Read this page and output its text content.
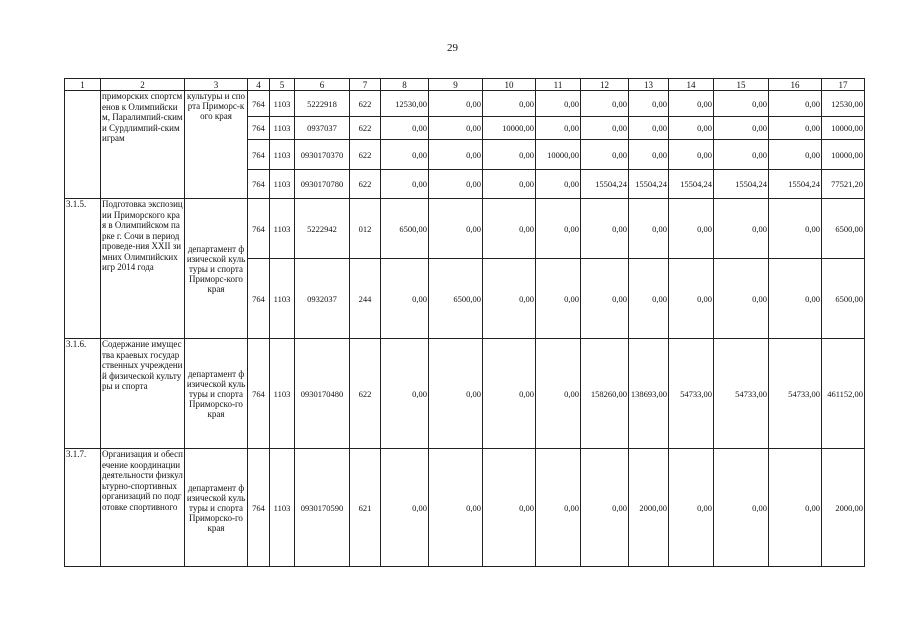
29
1	2	3	4	5	6	7	8	9	10	11	12	13	14	15	16	17
	приморских спортсменов к Олимпийским, Паралимпий-ским и Сурдлимпий-ским играм	культуры и спорта Приморс-кого края	764	1103	5222918	622	12530,00	0,00	0,00	0,00	0,00	0,00	0,00	0,00	0,00	12530,00
			764	1103	0937037	622	0,00	0,00	10000,00	0,00	0,00	0,00	0,00	0,00	0,00	10000,00
			764	1103	0930170370	622	0,00	0,00	0,00	10000,00	0,00	0,00	0,00	0,00	0,00	10000,00
			764	1103	0930170780	622	0,00	0,00	0,00	0,00	15504,24	15504,24	15504,24	15504,24	15504,24	77521,20
3.1.5.	Подготовка экспозиции Приморского края в Олимпийском парке г. Сочи в период проведе-ния XXII зимних Олимпийских игр 2014 года	департамент физической культуры и спорта Приморс-кого края	764	1103	5222942	012	6500,00	0,00	0,00	0,00	0,00	0,00	0,00	0,00	0,00	6500,00
			764	1103	0932037	244	0,00	6500,00	0,00	0,00	0,00	0,00	0,00	0,00	0,00	6500,00
3.1.6.	Содержание имущества краевых государственных учреждений физической культуры и спорта	департамент физической культуры и спорта Приморско-го края	764	1103	0930170480	622	0,00	0,00	0,00	0,00	158260,00	138693,00	54733,00	54733,00	54733,00	461152,00
3.1.7.	Организация и обеспечение координации деятельности физкультурно-спортивных организаций по подготовке спортивного	департамент физической культуры и спорта Приморско-го края	764	1103	0930170590	621	0,00	0,00	0,00	0,00	0,00	2000,00	0,00	0,00	0,00	2000,00
